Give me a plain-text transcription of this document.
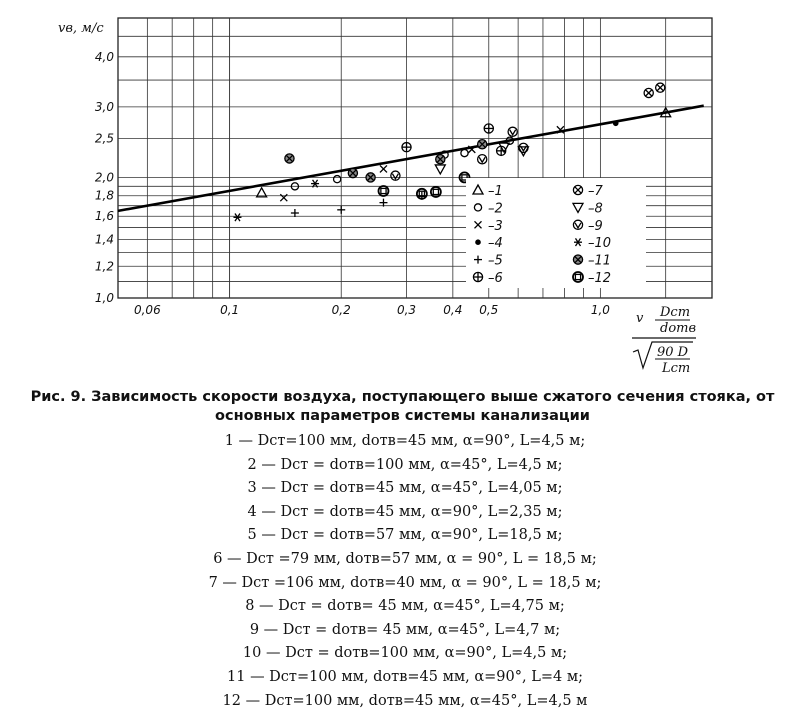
0,06	0,1	0,2	0,3 0,4 0,5	1,0
1,0
1,2
1,4
1,6
1,8
2,0
2,5
3,0
4,0
–1
–2
–3
–4
–5
–6
–7
–8
–9
–10
–11
–12
vв, м/с
v Dст
dотв
90 D
Lст
Рис. 9. Зависимость скорости воздуха, поступающего выше сжатого сечения стояка, от основных параметров системы канализации
1 — Dст=100 мм, dотв=45 мм, α=90°, L=4,5 м;
2 — Dст = dотв=100 мм, α=45°, L=4,5 м;
3 — Dст = dотв=45 мм, α=45°, L=4,05 м;
4 — Dст = dотв=45 мм, α=90°, L=2,35 м;
5 — Dст = dотв=57 мм, α=90°, L=18,5 м;
6 — Dст =79 мм, dотв=57 мм, α = 90°, L = 18,5 м;
7 — Dст =106 мм, dотв=40 мм, α = 90°, L = 18,5 м;
8 — Dст = dотв= 45 мм, α=45°, L=4,75 м;
9 — Dст = dотв= 45 мм, α=45°, L=4,7 м;
10 — Dст = dотв=100 мм, α=90°, L=4,5 м;
11 — Dст=100 мм, dотв=45 мм, α=90°, L=4 м;
12 — Dст=100 мм, dотв=45 мм, α=45°, L=4,5 м
